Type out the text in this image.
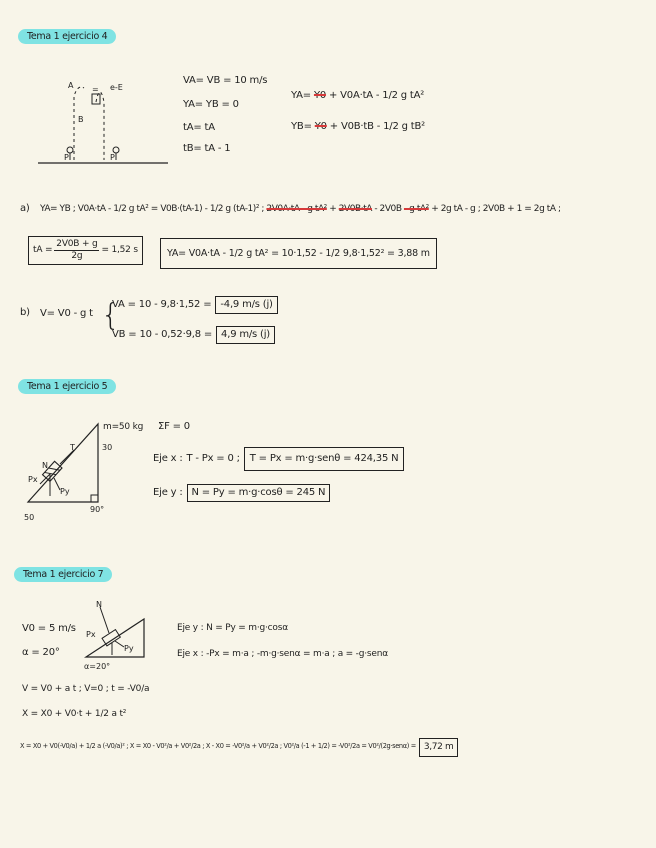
Tema 1 ejercicio 4
A	e-E
=
P	P
B
VA= VB = 10 m/s
YA= YB = 0
tA= tA
tB= tA - 1
YA= Y0 + V0A·tA - 1/2 g tA²
YB= Y0 + V0B·tB - 1/2 g tB²
a) YA= YB ; V0A·tA - 1/2 g tA² = V0B·(tA-1) - 1/2 g (tA-1)² ; 2V0A·tA - g tA² + 2V0B·tA - 2V0B - g tA² + 2g tA - g ; 2V0B + 1 = 2g tA ;
tA = $\frac{2V0B + g}{2g} = 1,52$ s	YA= V0A·tA - 1/2 g tA² = 10·1,52 - 1/2 9,8·1,52² = 3,88 m
b) V= V0 - g t {
VA = 10 - 9,8·1,52 = -4,9 m/s (j)
VB = 10 - 0,52·9,8 = 4,9 m/s (j)
Tema 1 ejercicio 5
T
Px
Py
N
30
50
90°
m=50 kg ΣF = 0
Eje x : T - Px = 0 ;	T = Px = m·g·senθ = 424,35 N
Eje y : N = Py = m·g·cosθ = 245 N
Tema 1 ejercicio 7
V0 = 5 m/s
α = 20°
N
Px
Py
α=20°
Eje y : N = Py = m·g·cosα
Eje x : -Px = m·a ; -m·g·senα = m·a ; a = -g·senα
V = V0 + a t ; V=0 ; t = -V0/a
X = X0 + V0·t + 1/2 a t²
X = X0 + V0(-V0/a) + 1/2 a (-V0/a)² ; X = X0 - V0²/a + V0²/2a ; X - X0 = -V0²/a + V0²/2a ; V0²/a (-1 + 1/2) = -V0²/2a = V0²/(2g·senα) = 3,72 m
